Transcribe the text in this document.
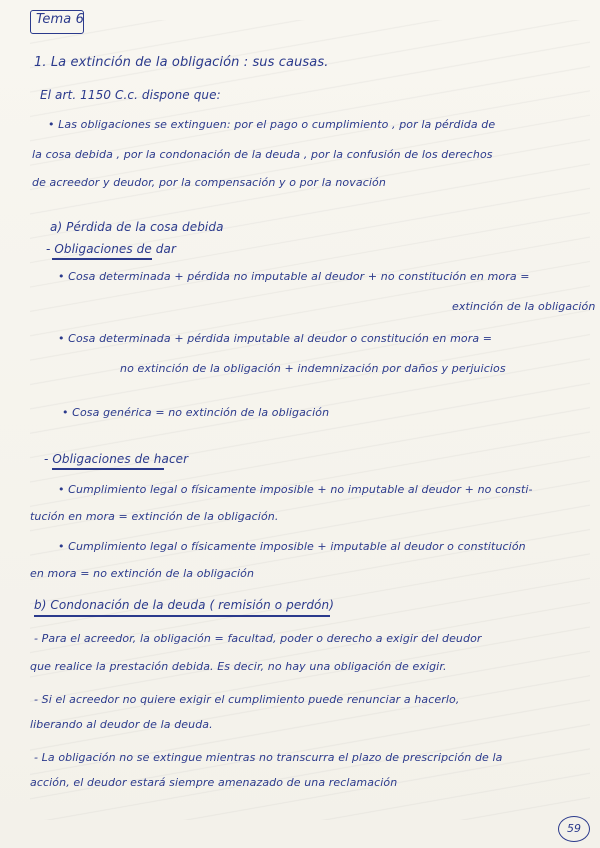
Tema 6
1. La extinción de la obligación : sus causas.
El art. 1150 C.c. dispone que:
• Las obligaciones se extinguen: por el pago o cumplimiento , por la pérdida de
la cosa debida , por la condonación de la deuda , por la confusión de los derechos
de acreedor y deudor, por la compensación y o por la novación
a) Pérdida de la cosa debida
- Obligaciones de dar
• Cosa determinada + pérdida no imputable al deudor + no constitución en mora =
extinción de la obligación
• Cosa determinada + pérdida imputable al deudor o constitución en mora =
no extinción de la obligación + indemnización por daños y perjuicios
• Cosa genérica = no extinción de la obligación
- Obligaciones de hacer
• Cumplimiento legal o físicamente imposible + no imputable al deudor + no consti-
tución en mora = extinción de la obligación.
• Cumplimiento legal o físicamente imposible + imputable al deudor o constitución
en mora = no extinción de la obligación
b) Condonación de la deuda ( remisión o perdón)
- Para el acreedor, la obligación = facultad, poder o derecho a exigir del deudor
que realice la prestación debida. Es decir, no hay una obligación de exigir.
- Si el acreedor no quiere exigir el cumplimiento puede renunciar a hacerlo,
liberando al deudor de la deuda.
- La obligación no se extingue mientras no transcurra el plazo de prescripción de la
acción, el deudor estará siempre amenazado de una reclamación
59
